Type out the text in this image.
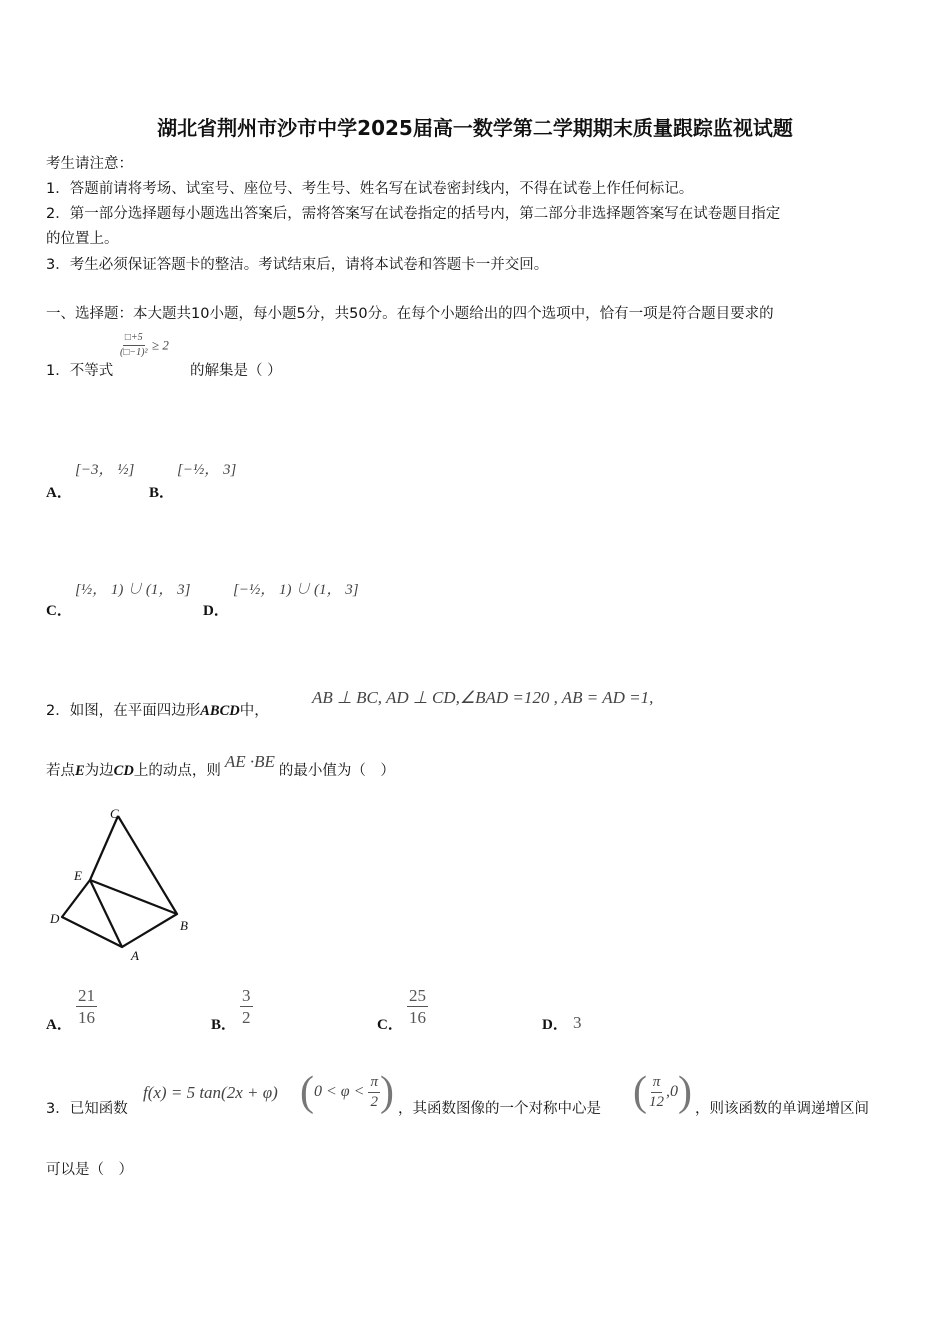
湖北省荆州市沙市中学2025届高一数学第二学期期末质量跟踪监视试题
考生请注意：
1．答题前请将考场、试室号、座位号、考生号、姓名写在试卷密封线内，不得在试卷上作任何标记。
2．第一部分选择题每小题选出答案后，需将答案写在试卷指定的括号内，第二部分非选择题答案写在试卷题目指定
的位置上。
3．考生必须保证答题卡的整洁。考试结束后，请将本试卷和答题卡一并交回。
一、选择题：本大题共10小题，每小题5分，共50分。在每个小题给出的四个选项中，恰有一项是符合题目要求的
1．不等式
$\frac{□+5}{\text{(□−1)²}} \ge 2$
的解集是（ ）
A．
[−3， ½]
B．
[−½， 3]
C．
[½， 1) ∪ (1， 3]
D．
[−½， 1) ∪ (1， 3]
2．如图，在平面四边形ABCD中，
AB ⊥ BC, AD ⊥ CD,∠BAD =120 , AB = AD =1,
若点E为边CD上的动点，则 AE ·BE 的最小值为（　）
C
E
D	B
A
A． $\frac{21}{16}$	B． $\frac{3}{2}$	C． $\frac{25}{16}$	D． 3
3．已知函数
f(x) = 5 tan(2x + φ) ( $0 < \varphi < \frac{\pi}{2}$ ) ，其函数图像的一个对称中心是 ( $\frac{\pi}{12} ,0$ ) ，则该函数的单调递增区间
可以是（　）
